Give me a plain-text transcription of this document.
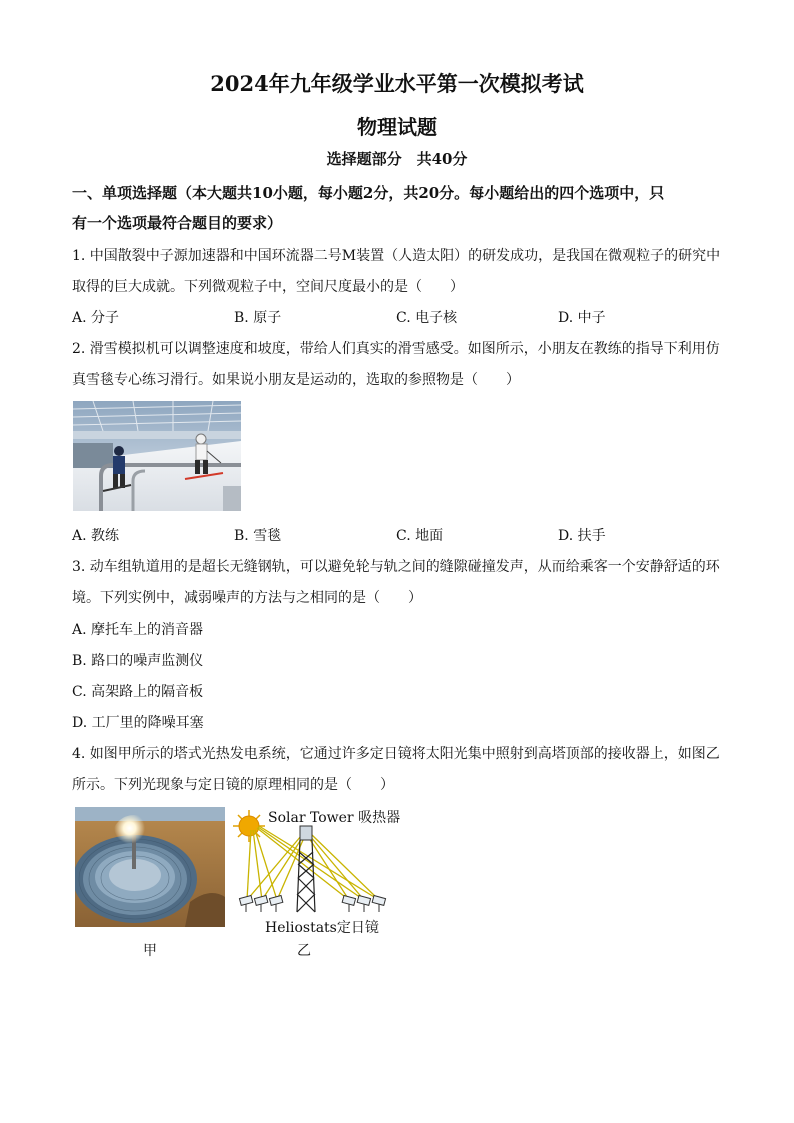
2024年九年级学业水平第一次模拟考试
物理试题
选择题部分　共40分
一、单项选择题（本大题共10小题，每小题2分，共20分。每小题给出的四个选项中，只
有一个选项最符合题目的要求）
1. 中国散裂中子源加速器和中国环流器二号M装置（人造太阳）的研发成功，是我国在微观粒子的研究中
取得的巨大成就。下列微观粒子中，空间尺度最小的是（　　）
A. 分子	B. 原子	C. 电子核	D. 中子
2. 滑雪模拟机可以调整速度和坡度，带给人们真实的滑雪感受。如图所示，小朋友在教练的指导下利用仿
真雪毯专心练习滑行。如果说小朋友是运动的，选取的参照物是（　　）
A. 教练	B. 雪毯	C. 地面	D. 扶手
3. 动车组轨道用的是超长无缝钢轨，可以避免轮与轨之间的缝隙碰撞发声，从而给乘客一个安静舒适的环
境。下列实例中，减弱噪声的方法与之相同的是（　　）
A. 摩托车上的消音器
B. 路口的噪声监测仪
C. 高架路上的隔音板
D. 工厂里的降噪耳塞
4. 如图甲所示的塔式光热发电系统，它通过许多定日镜将太阳光集中照射到高塔顶部的接收器上，如图乙
所示。下列光现象与定日镜的原理相同的是（　　）
Solar Tower 吸热器
Heliostats定日镜
甲	乙
